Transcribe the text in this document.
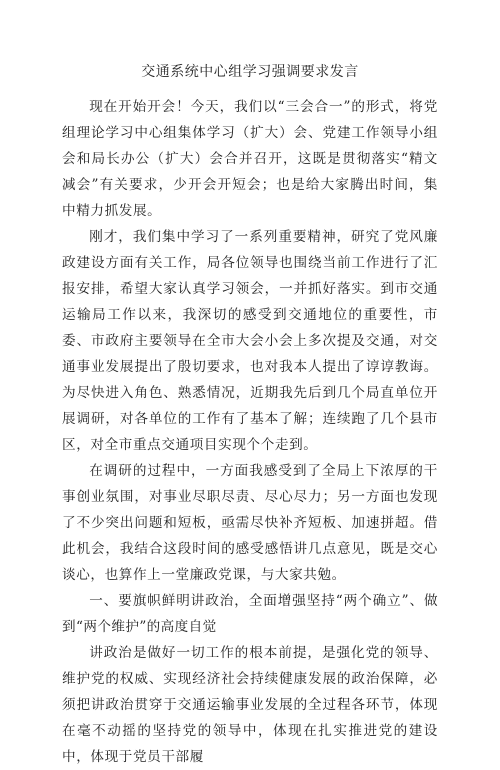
交通系统中心组学习强调要求发言

现在开始开会！今天，我们以“三会合一”的形式，将党组理论学习中心组集体学习（扩大）会、党建工作领导小组会和局长办公（扩大）会合并召开，这既是贯彻落实“精文减会”有关要求，少开会开短会；也是给大家腾出时间，集中精力抓发展。

刚才，我们集中学习了一系列重要精神，研究了党风廉政建设方面有关工作，局各位领导也围绕当前工作进行了汇报安排，希望大家认真学习领会，一并抓好落实。到市交通运输局工作以来，我深切的感受到交通地位的重要性，市委、市政府主要领导在全市大会小会上多次提及交通，对交通事业发展提出了殷切要求，也对我本人提出了谆谆教诲。为尽快进入角色、熟悉情况，近期我先后到几个局直单位开展调研，对各单位的工作有了基本了解；连续跑了几个县市区，对全市重点交通项目实现个个走到。

在调研的过程中，一方面我感受到了全局上下浓厚的干事创业氛围，对事业尽职尽责、尽心尽力；另一方面也发现了不少突出问题和短板，亟需尽快补齐短板、加速拼超。借此机会，我结合这段时间的感受感悟讲几点意见，既是交心谈心，也算作上一堂廉政党课，与大家共勉。

一、要旗帜鲜明讲政治，全面增强坚持“两个确立”、做到“两个维护”的高度自觉

讲政治是做好一切工作的根本前提，是强化党的领导、维护党的权威、实现经济社会持续健康发展的政治保障，必须把讲政治贯穿于交通运输事业发展的全过程各环节，体现在毫不动摇的坚持党的领导中，体现在扎实推进党的建设中，体现于党员干部履
